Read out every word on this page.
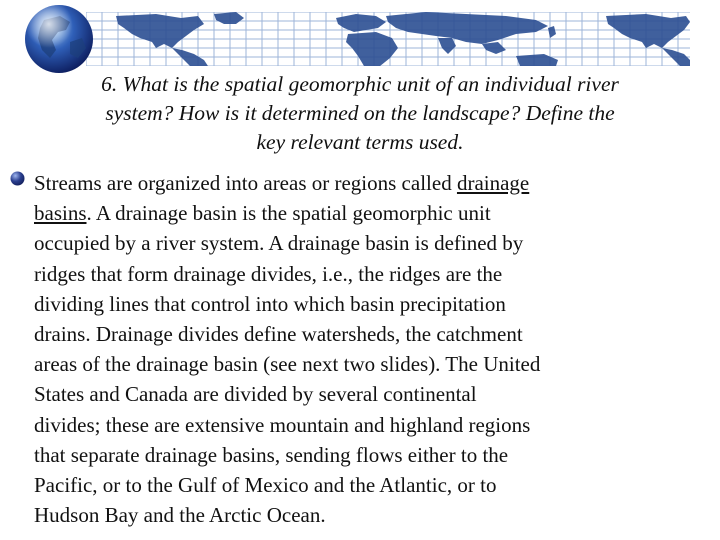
6. What is the spatial geomorphic unit of an individual river
system? How is it determined on the landscape? Define the
key relevant terms used.
Streams are organized into areas or regions called drainage
basins. A drainage basin is the spatial geomorphic unit
occupied by a river system. A drainage basin is defined by
ridges that form drainage divides, i.e., the ridges are the
dividing lines that control into which basin precipitation
drains. Drainage divides define watersheds, the catchment
areas of the drainage basin (see next two slides). The United
States and Canada are divided by several continental
divides; these are extensive mountain and highland regions
that separate drainage basins, sending flows either to the
Pacific, or to the Gulf of Mexico and the Atlantic, or to
Hudson Bay and the Arctic Ocean.
